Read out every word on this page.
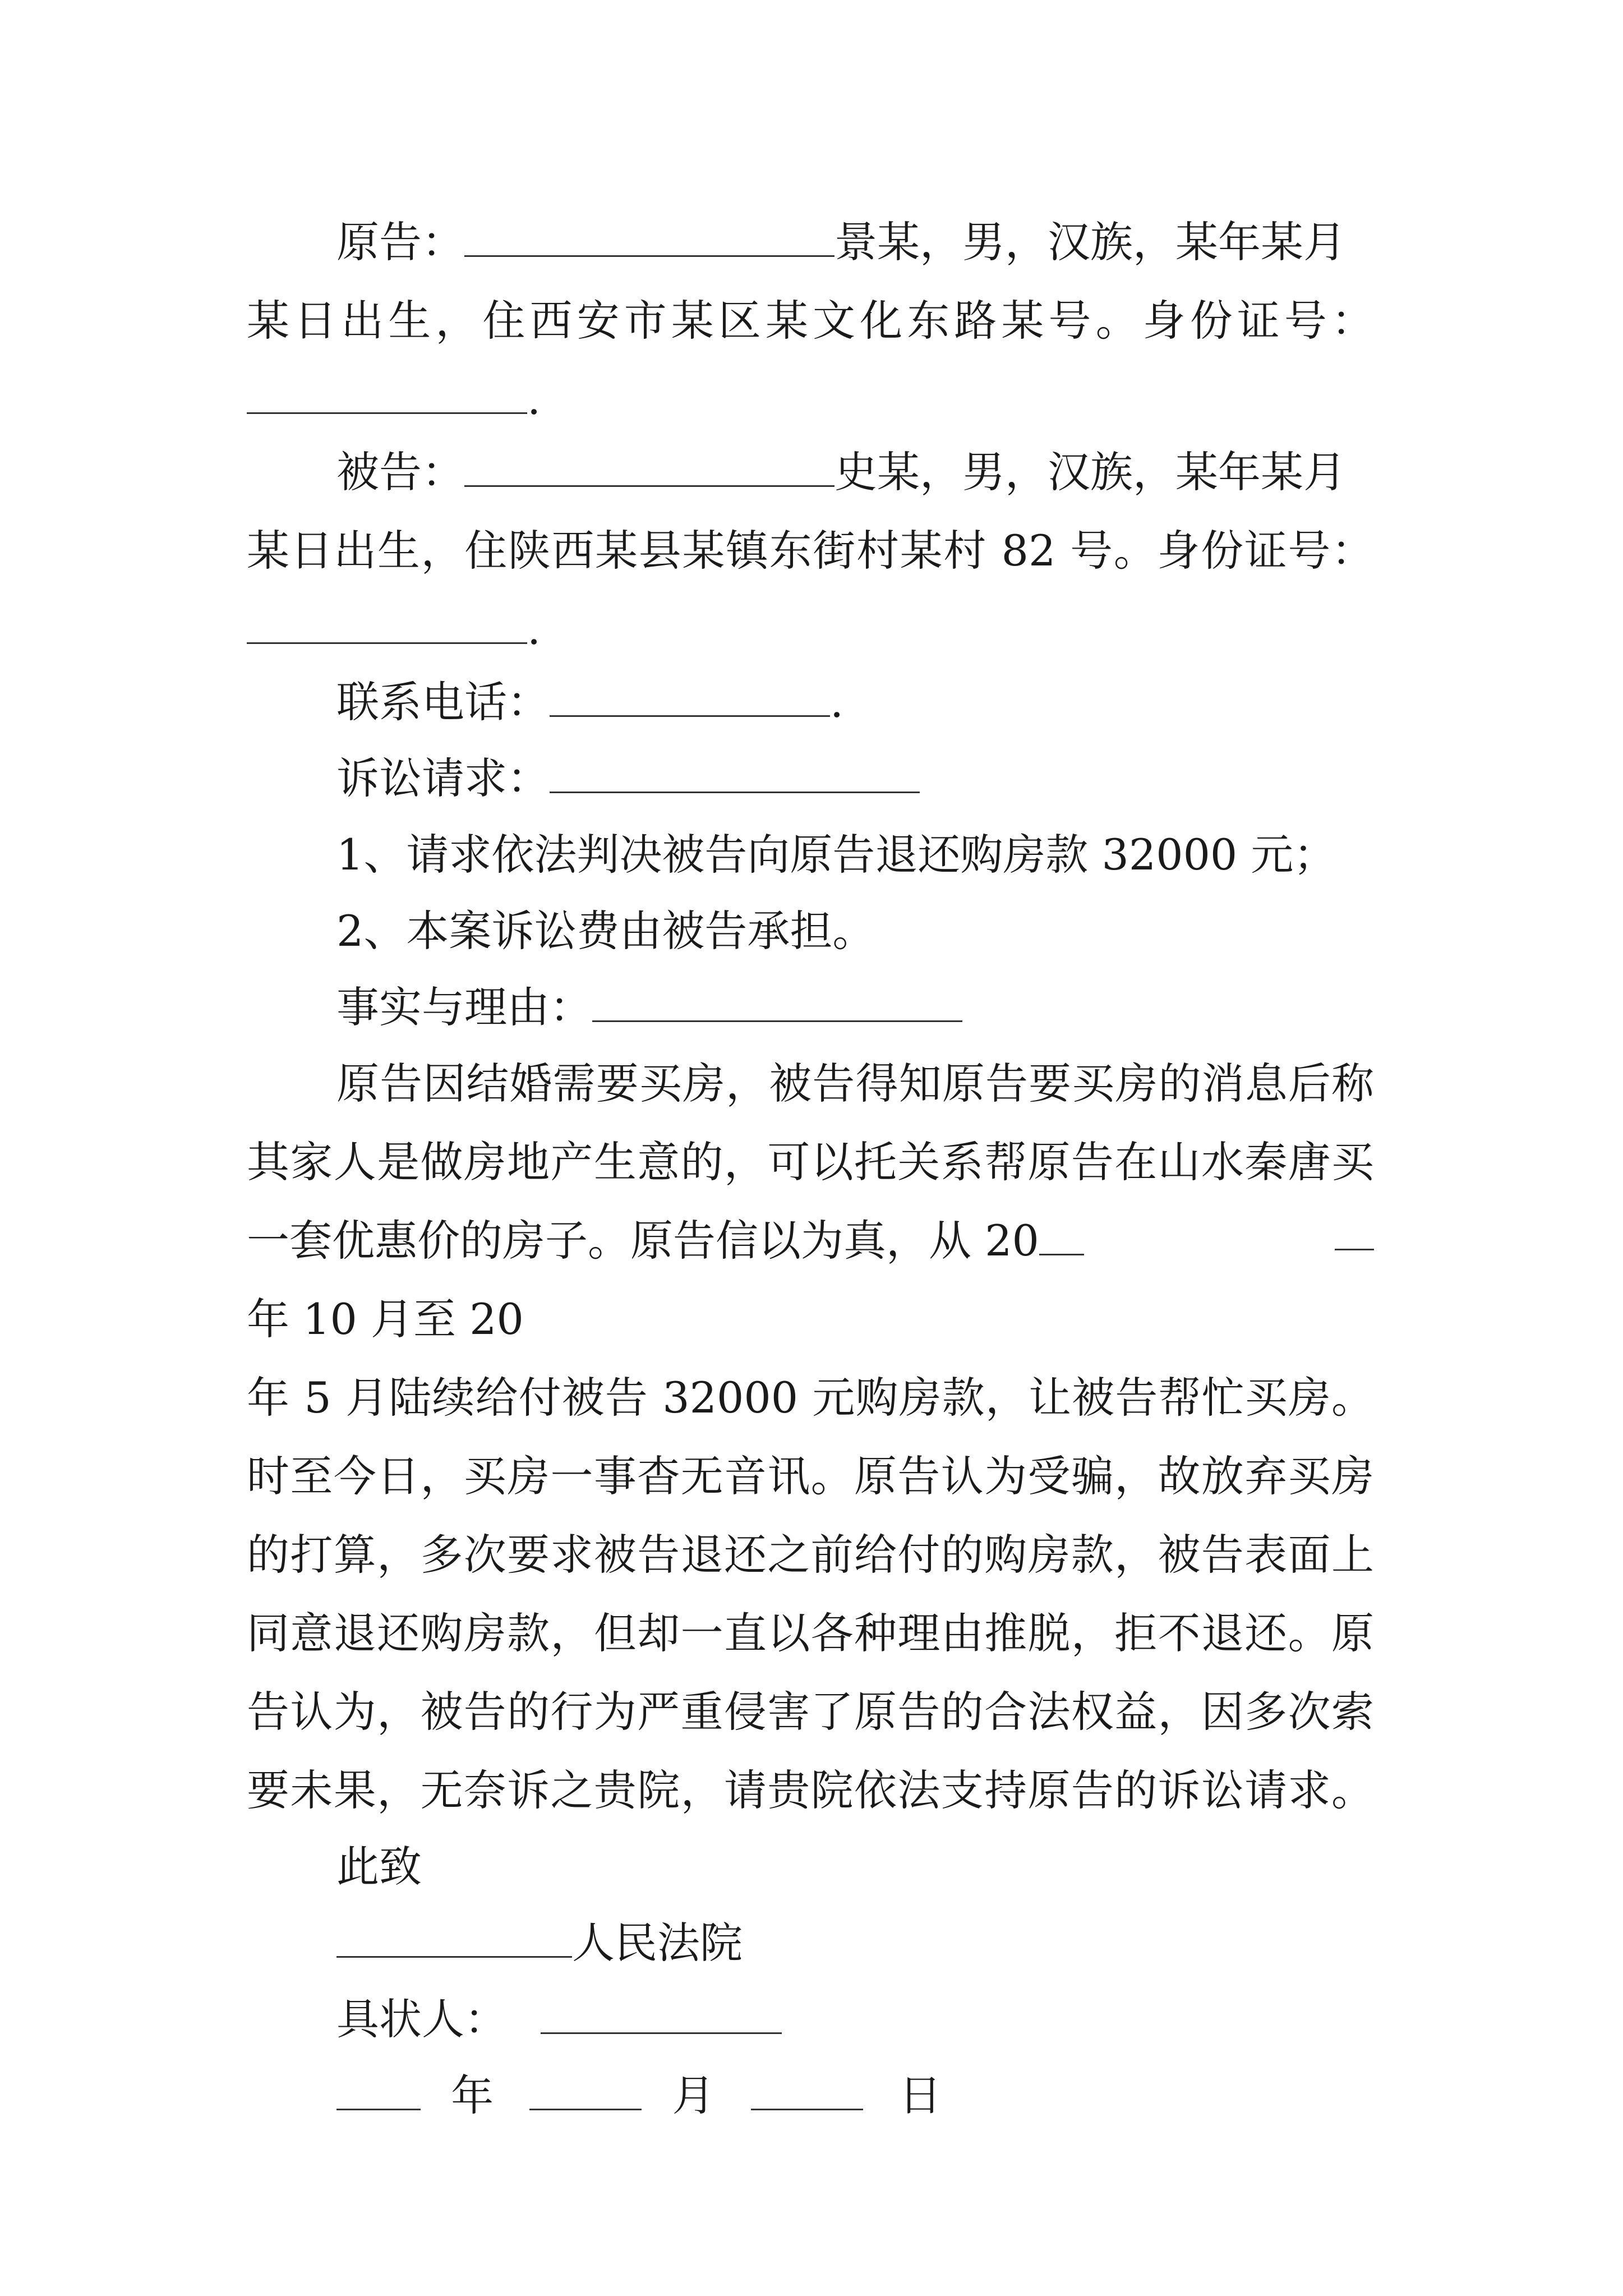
原告：	景某，男，汉族，某年某月
某日出生，住西安市某区某文化东路某号。身份证号：
.
被告：	史某，男，汉族，某年某月
某日出生，住陕西某县某镇东街村某村 82 号。身份证号：
.
联系电话：	.
诉讼请求：
1、请求依法判决被告向原告退还购房款 32000 元；
2、本案诉讼费由被告承担。
事实与理由：
原告因结婚需要买房，被告得知原告要买房的消息后称
其家人是做房地产生意的，可以托关系帮原告在山水秦唐买
一套优惠价的房子。原告信以为真，从 20
年 10 月至 20
年 5 月陆续给付被告 32000 元购房款，让被告帮忙买房。
时至今日，买房一事杳无音讯。原告认为受骗，故放弃买房
的打算，多次要求被告退还之前给付的购房款，被告表面上
同意退还购房款，但却一直以各种理由推脱，拒不退还。原
告认为，被告的行为严重侵害了原告的合法权益，因多次索
要未果，无奈诉之贵院，请贵院依法支持原告的诉讼请求。
此致
人民法院
具状人：
年	月	日
